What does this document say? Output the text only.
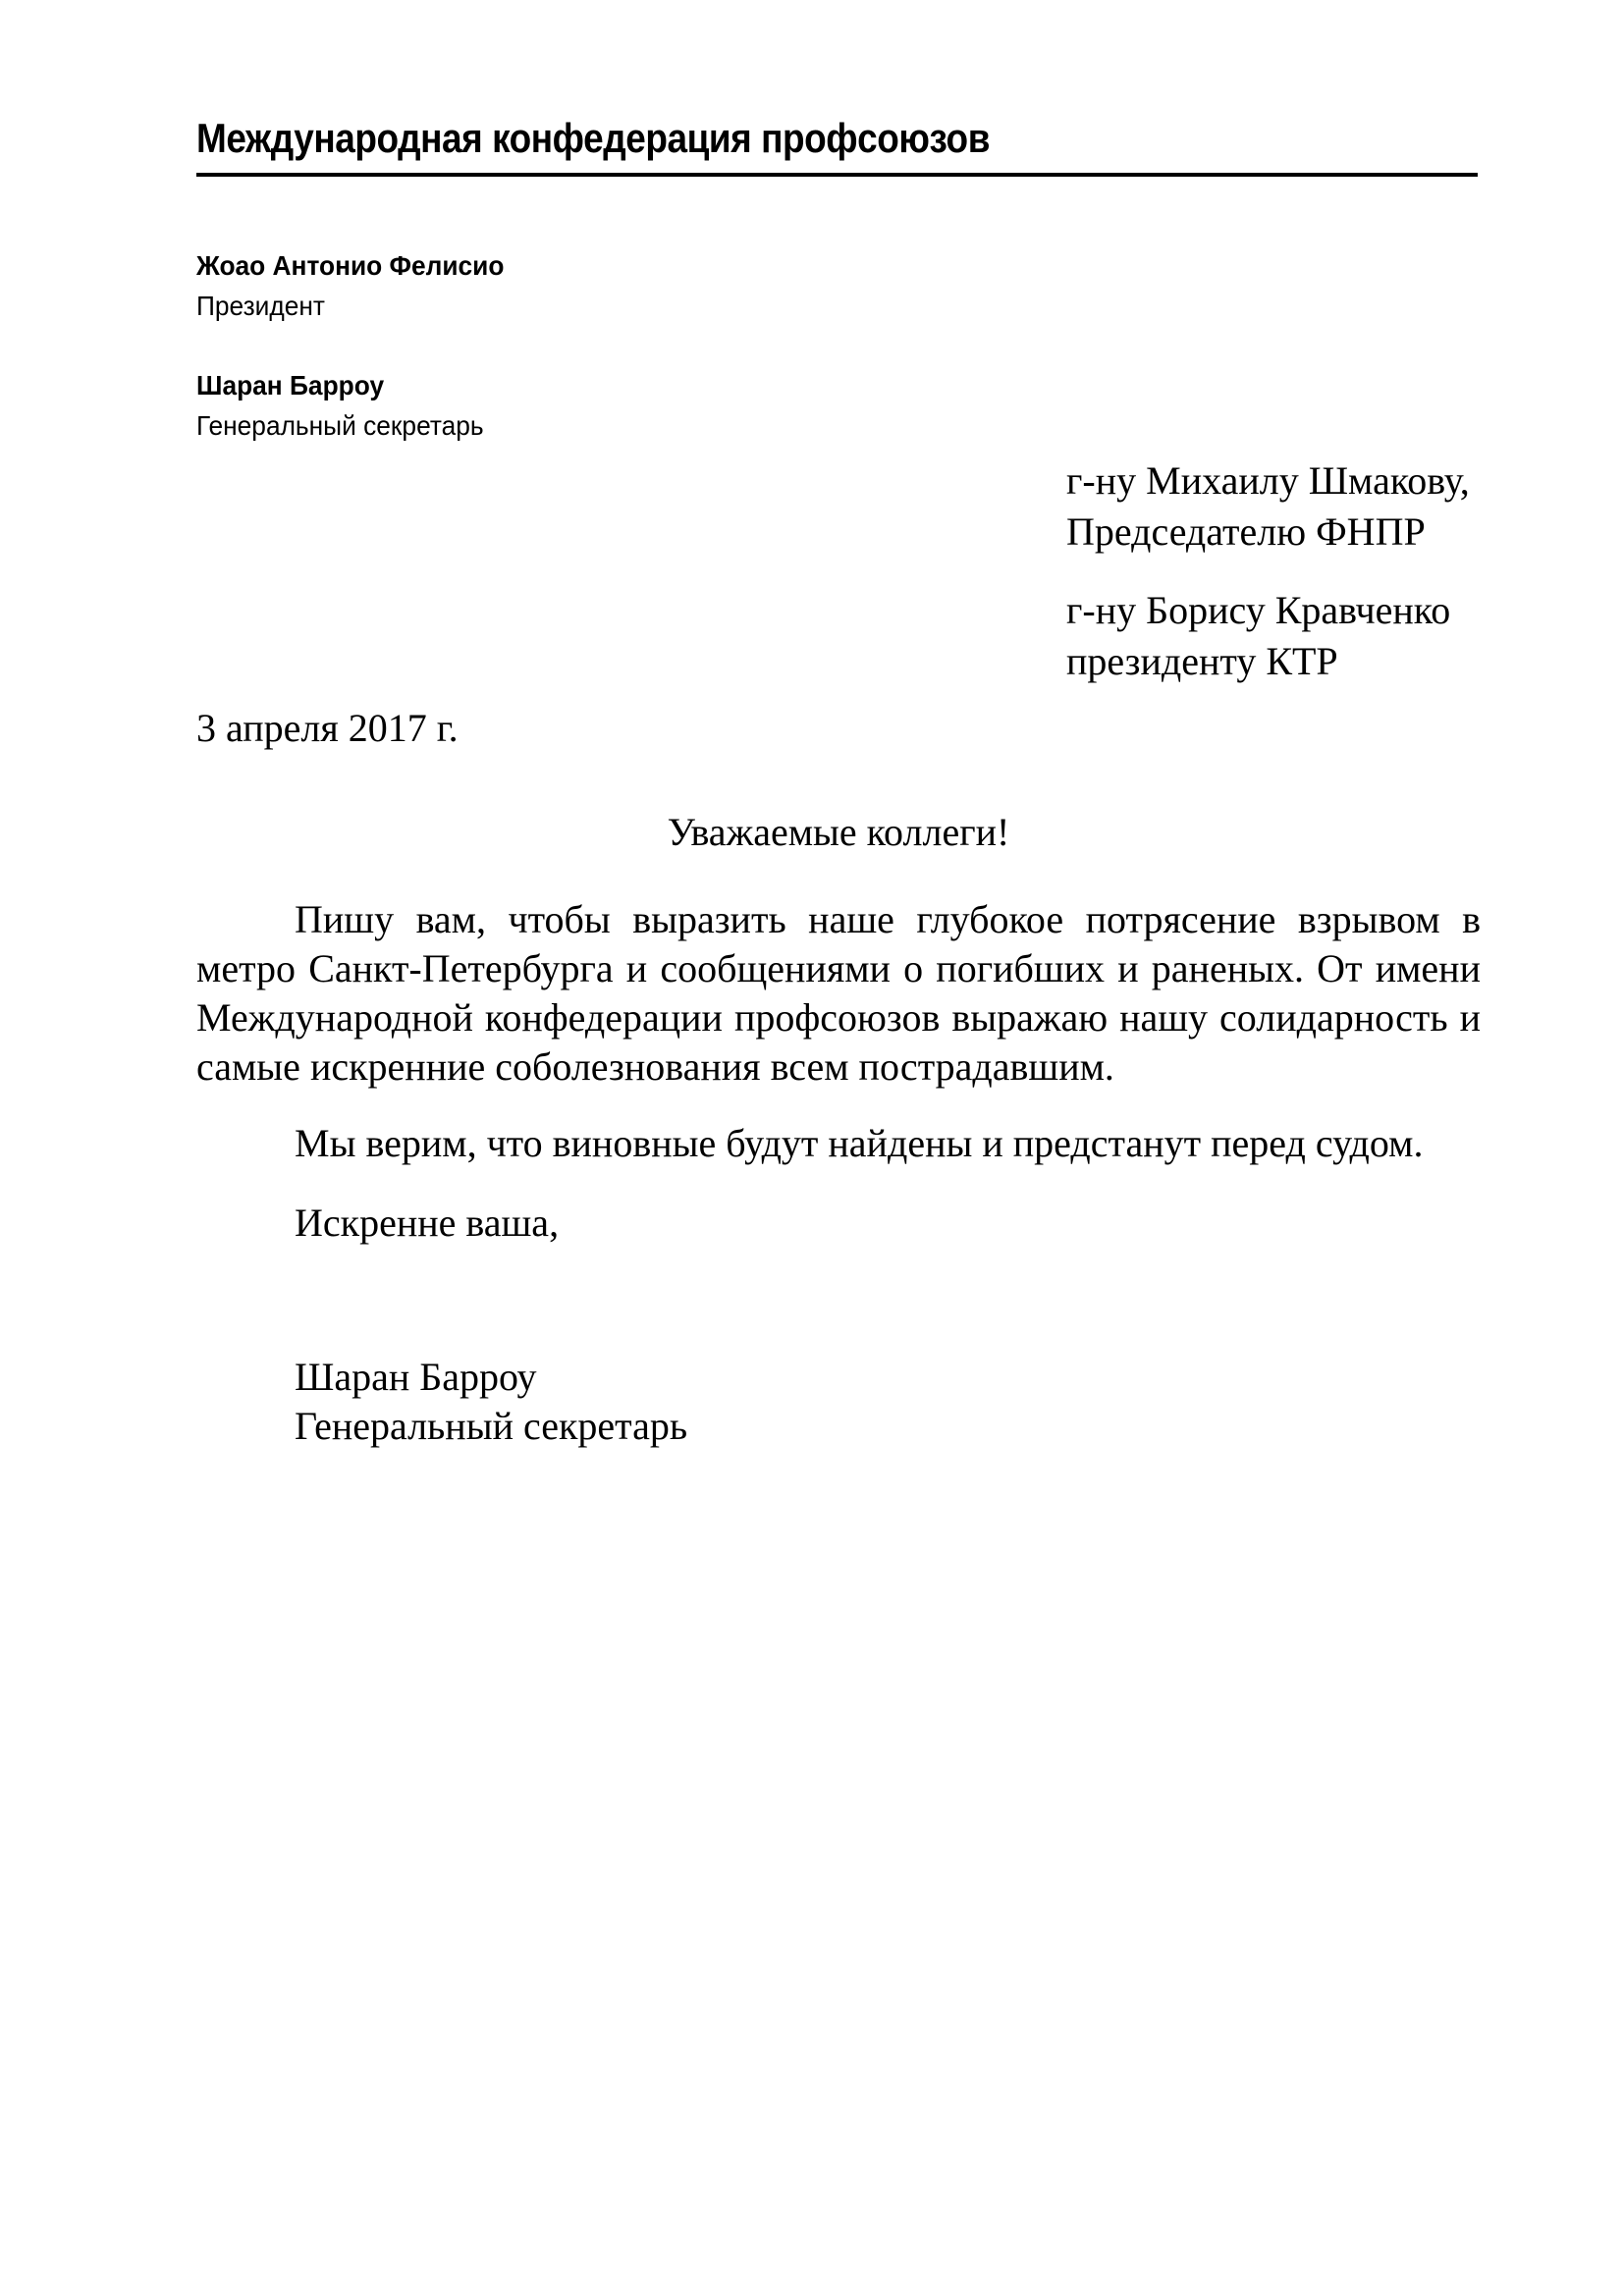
Международная конфедерация профсоюзов
Жоао Антонио Фелисио
Президент
Шаран Барроу
Генеральный секретарь
г-ну Михаилу Шмакову,
Председателю ФНПР
г-ну Борису Кравченко
президенту КТР
3 апреля 2017 г.
Уважаемые коллеги!

Пишу вам, чтобы выразить наше глубокое потрясение взрывом в метро Санкт-Петербурга и сообщениями о погибших и раненых. От имени Международной конфедерации профсоюзов выражаю нашу солидарность и самые искренние соболезнования всем пострадавшим.

Мы верим, что виновные будут найдены и предстанут перед судом.

Искренне ваша,

Шаран Барроу
Генеральный секретарь
